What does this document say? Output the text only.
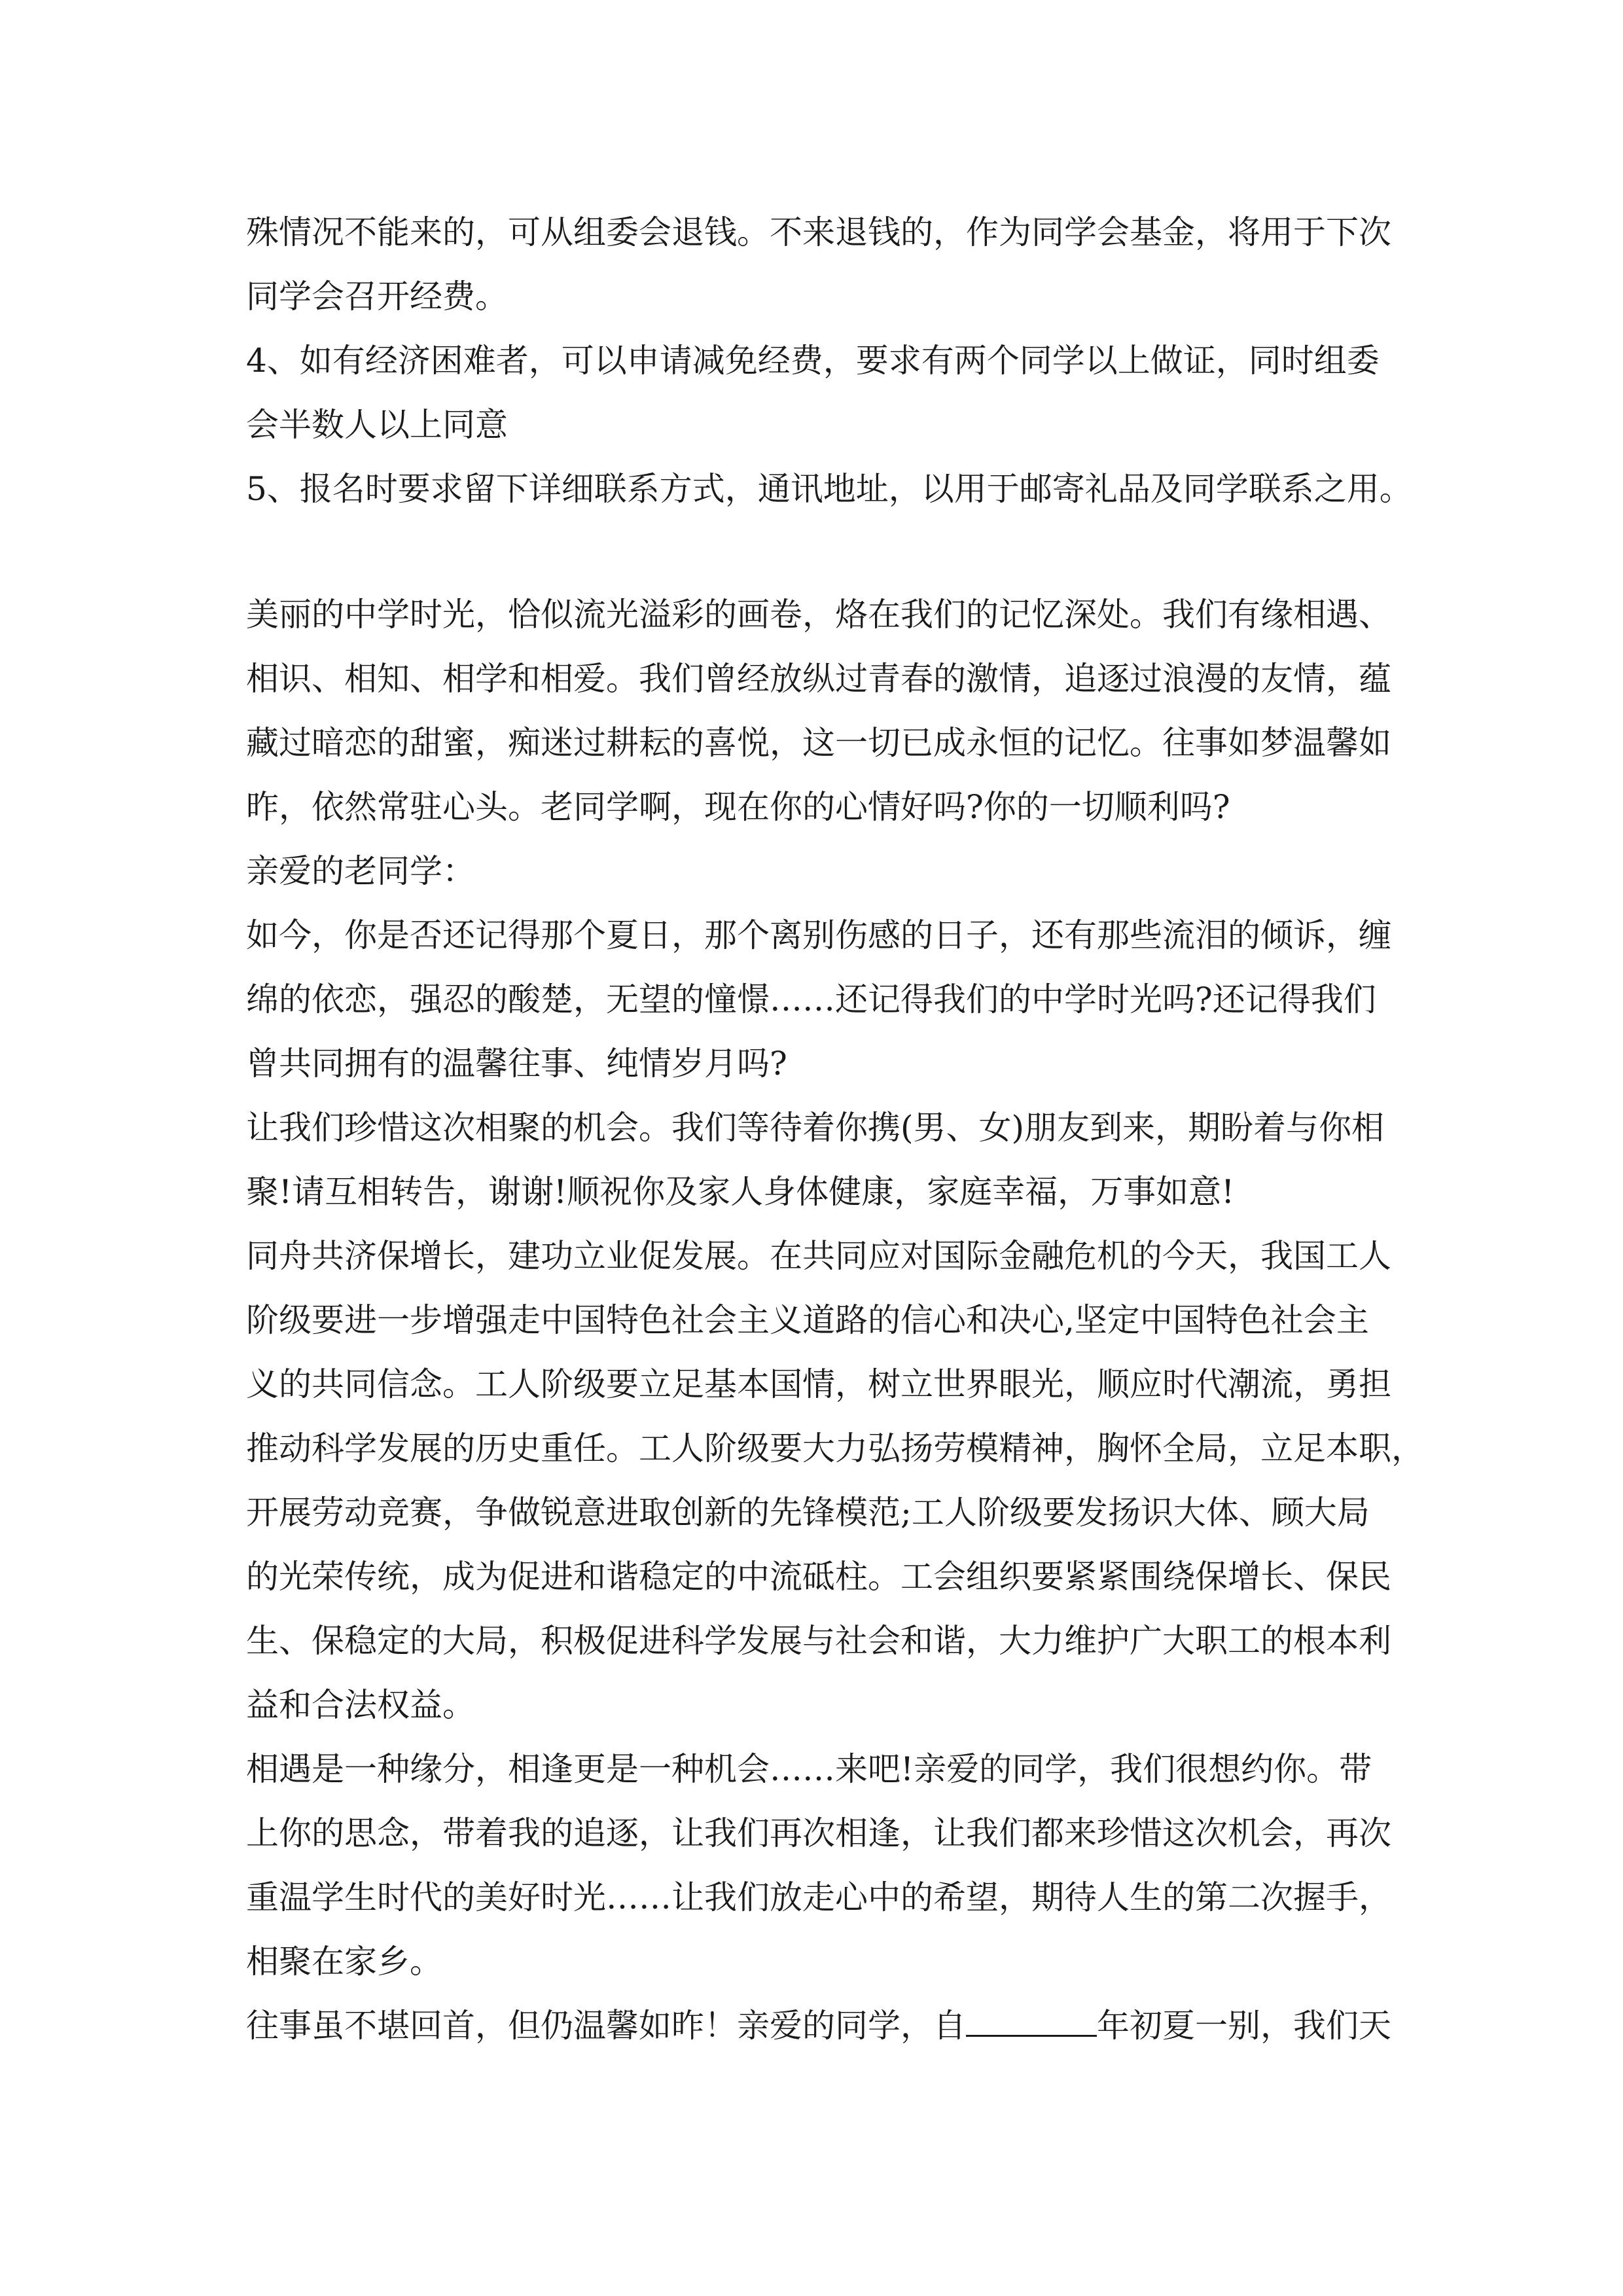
殊情况不能来的，可从组委会退钱。不来退钱的，作为同学会基金，将用于下次
同学会召开经费。
4、如有经济困难者，可以申请减免经费，要求有两个同学以上做证，同时组委
会半数人以上同意
5、报名时要求留下详细联系方式，通讯地址，以用于邮寄礼品及同学联系之用。
美丽的中学时光，恰似流光溢彩的画卷，烙在我们的记忆深处。我们有缘相遇、
相识、相知、相学和相爱。我们曾经放纵过青春的激情，追逐过浪漫的友情，蕴
藏过暗恋的甜蜜，痴迷过耕耘的喜悦，这一切已成永恒的记忆。往事如梦温馨如
昨，依然常驻心头。老同学啊，现在你的心情好吗?你的一切顺利吗?
亲爱的老同学：
如今，你是否还记得那个夏日，那个离别伤感的日子，还有那些流泪的倾诉，缠
绵的依恋，强忍的酸楚，无望的憧憬……还记得我们的中学时光吗?还记得我们
曾共同拥有的温馨往事、纯情岁月吗?
让我们珍惜这次相聚的机会。我们等待着你携(男、女)朋友到来，期盼着与你相
聚!请互相转告，谢谢!顺祝你及家人身体健康，家庭幸福，万事如意!
同舟共济保增长，建功立业促发展。在共同应对国际金融危机的今天，我国工人
阶级要进一步增强走中国特色社会主义道路的信心和决心,坚定中国特色社会主
义的共同信念。工人阶级要立足基本国情，树立世界眼光，顺应时代潮流，勇担
推动科学发展的历史重任。工人阶级要大力弘扬劳模精神，胸怀全局，立足本职，
开展劳动竞赛，争做锐意进取创新的先锋模范;工人阶级要发扬识大体、顾大局
的光荣传统，成为促进和谐稳定的中流砥柱。工会组织要紧紧围绕保增长、保民
生、保稳定的大局，积极促进科学发展与社会和谐，大力维护广大职工的根本利
益和合法权益。
相遇是一种缘分，相逢更是一种机会……来吧!亲爱的同学，我们很想约你。带
上你的思念，带着我的追逐，让我们再次相逢，让我们都来珍惜这次机会，再次
重温学生时代的美好时光……让我们放走心中的希望，期待人生的第二次握手，
相聚在家乡。
往事虽不堪回首，但仍温馨如昨！亲爱的同学，自	年初夏一别，我们天
